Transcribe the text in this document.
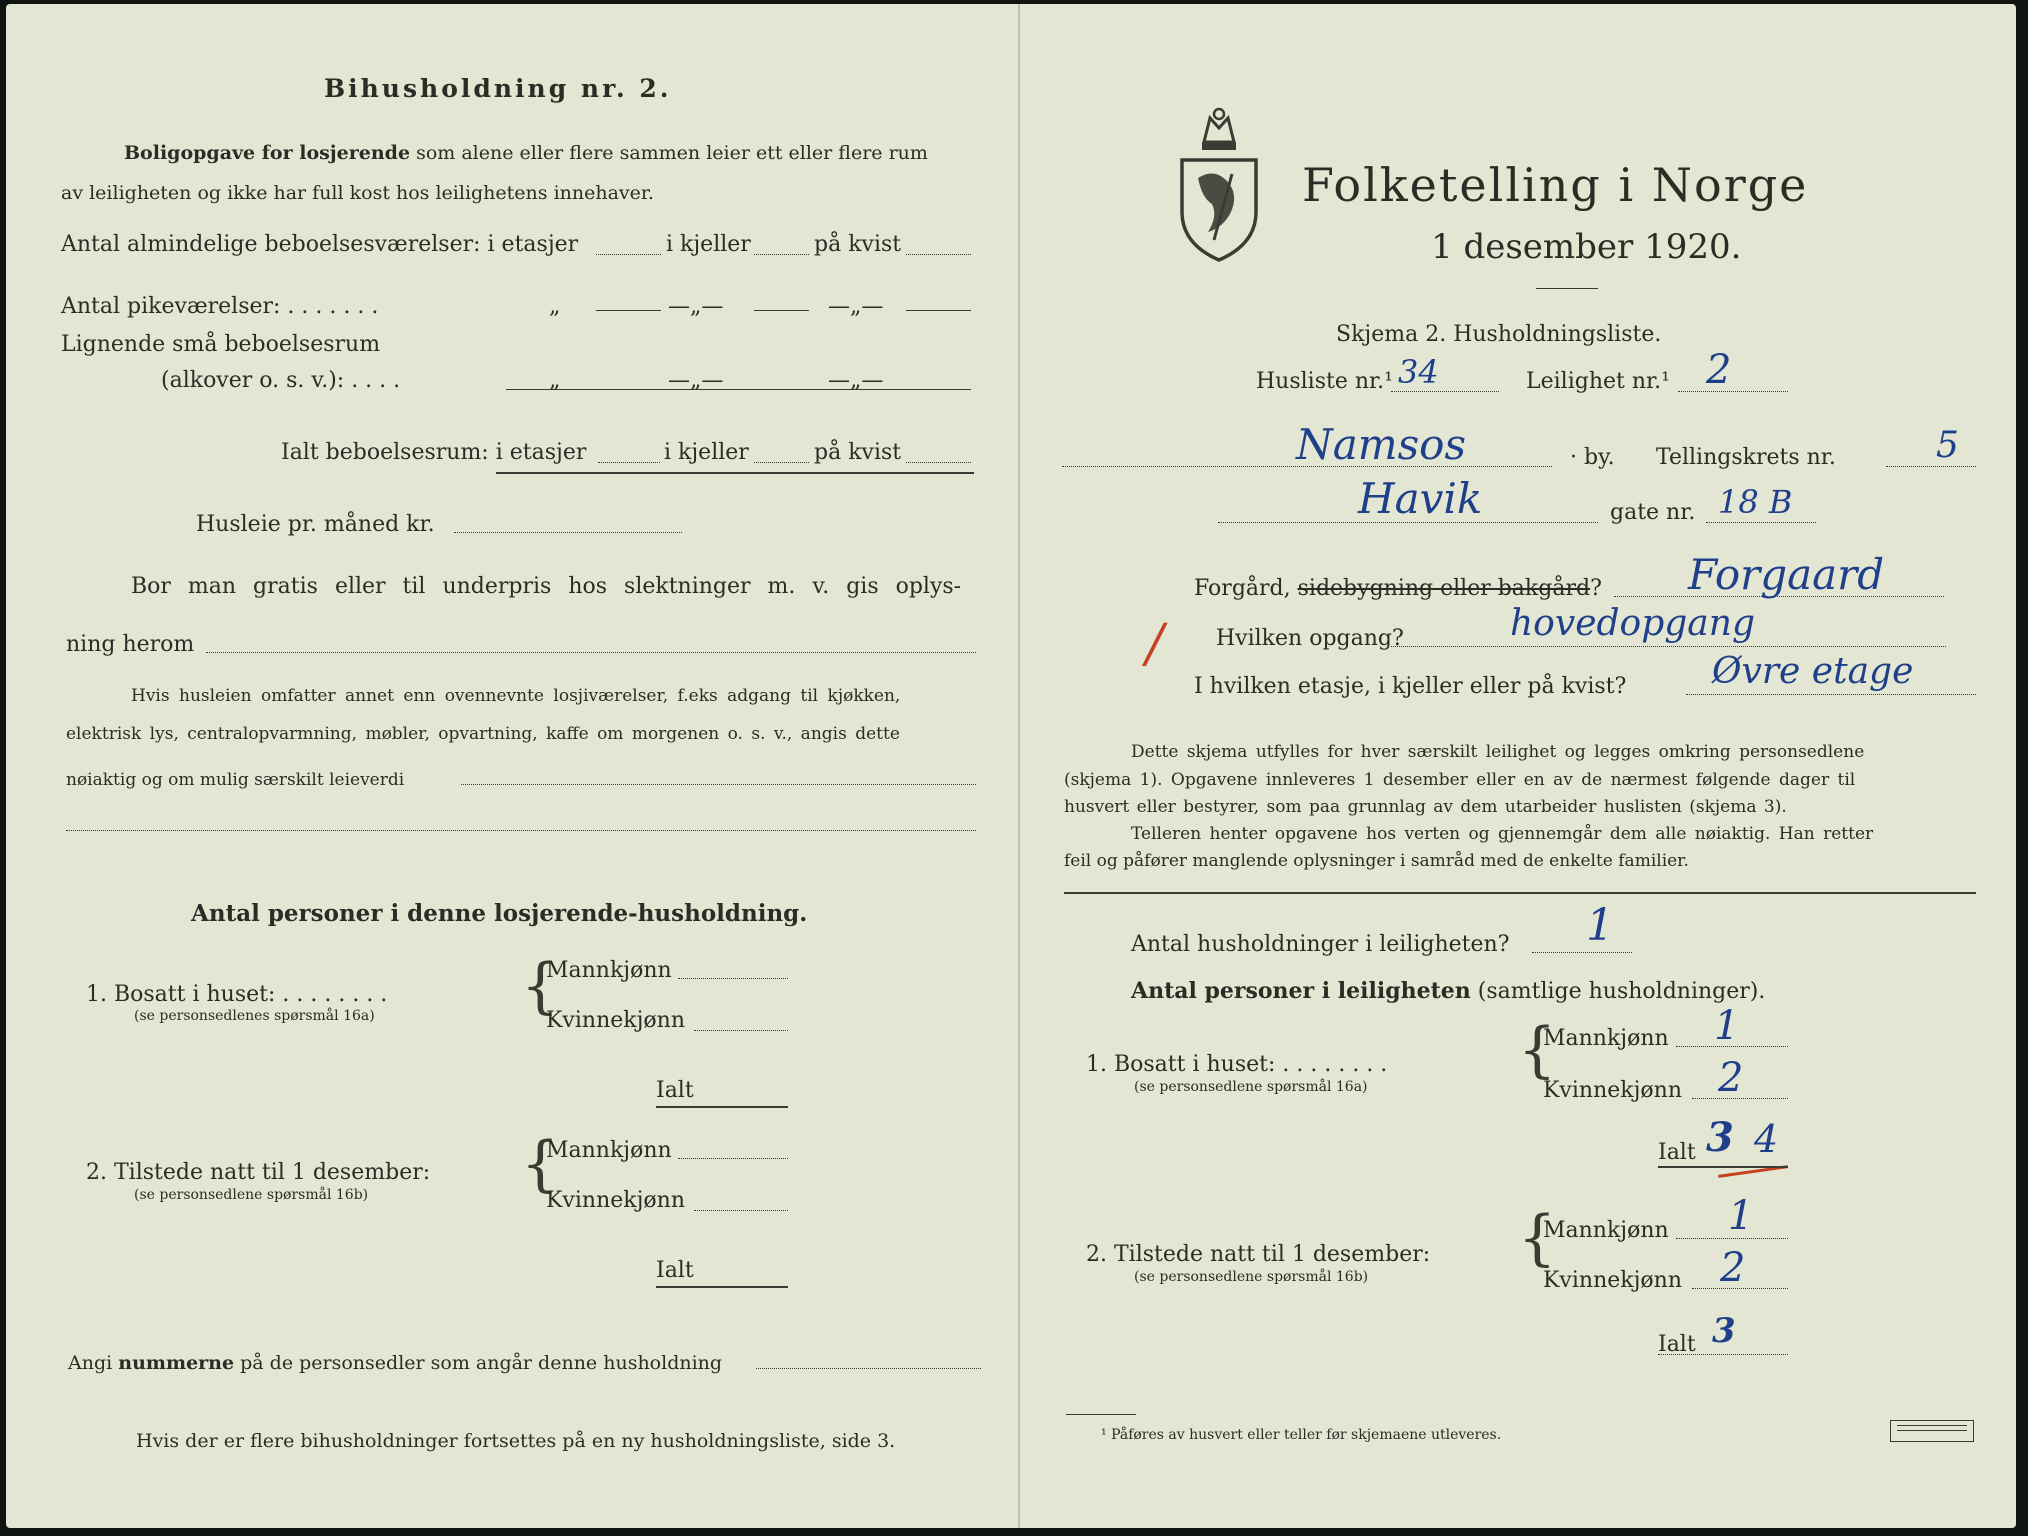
Bihusholdning nr. 2.
Boligopgave for losjerende som alene eller flere sammen leier ett eller flere rum
av leiligheten og ikke har full kost hos leilighetens innehaver.
Antal almindelige beboelsesværelser: i etasjer	i kjeller	på kvist
Antal pikeværelser: . . . . . . .	„	—„—	—„—
Lignende små beboelsesrum
(alkover o. s. v.): . . . .	„	—„—	—„—
Ialt beboelsesrum: i etasjer	i kjeller	på kvist
Husleie pr. måned kr.
Bor man gratis eller til underpris hos slektninger m. v. gis oplys-
ning herom
Hvis husleien omfatter annet enn ovennevnte losjiværelser, f.eks adgang til kjøkken,
elektrisk lys, centralopvarmning, møbler, opvartning, kaffe om morgenen o. s. v., angis dette
nøiaktig og om mulig særskilt leieverdi
Antal personer i denne losjerende-husholdning.
1. Bosatt i huset: . . . . . . . .
(se personsedlenes spørsmål 16a) {
Mannkjønn
Kvinnekjønn
Ialt
2. Tilstede natt til 1 desember:
(se personsedlene spørsmål 16b)	{
Mannkjønn
Kvinnekjønn
Ialt
Angi nummerne på de personsedler som angår denne husholdning
Hvis der er flere bihusholdninger fortsettes på en ny husholdningsliste, side 3.
Folketelling i Norge
1 desember 1920.
Skjema 2. Husholdningsliste.
Husliste nr.¹ 34	Leilighet nr.¹ 2
Namsos	· by. Tellingskrets nr.	5
Havik	gate nr. 18 B
Forgård, sidebygning eller bakgård? Forgaard
/ Hvilken opgang?	hovedopgang
I hvilken etasje, i kjeller eller på kvist? Øvre etage
Dette skjema utfylles for hver særskilt leilighet og legges omkring personsedlene
(skjema 1). Opgavene innleveres 1 desember eller en av de nærmest følgende dager til
husvert eller bestyrer, som paa grunnlag av dem utarbeider huslisten (skjema 3).
Telleren henter opgavene hos verten og gjennemgår dem alle nøiaktig. Han retter
feil og påfører manglende oplysninger i samråd med de enkelte familier.
Antal husholdninger i leiligheten? 1
Antal personer i leiligheten (samtlige husholdninger).
1. Bosatt i huset: . . . . . . . .
(se personsedlene spørsmål 16a)
{
Mannkjønn 1
Kvinnekjønn 2
Ialt 3 4
2. Tilstede natt til 1 desember:
(se personsedlene spørsmål 16b)
{
Mannkjønn 1
Kvinnekjønn 2
Ialt 3
¹ Påføres av husvert eller teller før skjemaene utleveres.
